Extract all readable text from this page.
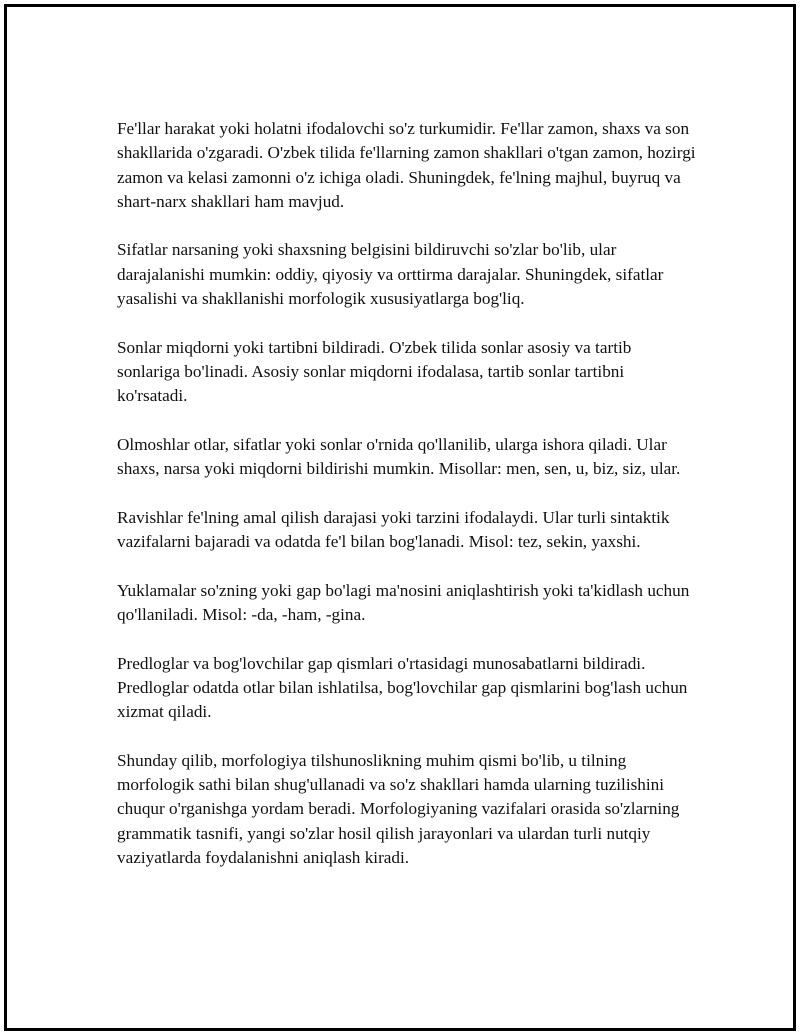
Fe'llar harakat yoki holatni ifodalovchi so'z turkumidir. Fe'llar zamon, shaxs va son shakllarida o'zgaradi. O'zbek tilida fe'llarning zamon shakllari o'tgan zamon, hozirgi zamon va kelasi zamonni o'z ichiga oladi. Shuningdek, fe'lning majhul, buyruq va shart-narx shakllari ham mavjud.

Sifatlar narsaning yoki shaxsning belgisini bildiruvchi so'zlar bo'lib, ular darajalanishi mumkin: oddiy, qiyosiy va orttirma darajalar. Shuningdek, sifatlar yasalishi va shakllanishi morfologik xususiyatlarga bog'liq.

Sonlar miqdorni yoki tartibni bildiradi. O'zbek tilida sonlar asosiy va tartib sonlariga bo'linadi. Asosiy sonlar miqdorni ifodalasa, tartib sonlar tartibni ko'rsatadi.

Olmoshlar otlar, sifatlar yoki sonlar o'rnida qo'llanilib, ularga ishora qiladi. Ular shaxs, narsa yoki miqdorni bildirishi mumkin. Misollar: men, sen, u, biz, siz, ular.

Ravishlar fe'lning amal qilish darajasi yoki tarzini ifodalaydi. Ular turli sintaktik vazifalarni bajaradi va odatda fe'l bilan bog'lanadi. Misol: tez, sekin, yaxshi.

Yuklamalar so'zning yoki gap bo'lagi ma'nosini aniqlashtirish yoki ta'kidlash uchun qo'llaniladi. Misol: -da, -ham, -gina.

Predloglar va bog'lovchilar gap qismlari o'rtasidagi munosabatlarni bildiradi. Predloglar odatda otlar bilan ishlatilsa, bog'lovchilar gap qismlarini bog'lash uchun xizmat qiladi.

Shunday qilib, morfologiya tilshunoslikning muhim qismi bo'lib, u tilning morfologik sathi bilan shug'ullanadi va so'z shakllari hamda ularning tuzilishini chuqur o'rganishga yordam beradi. Morfologiyaning vazifalari orasida so'zlarning grammatik tasnifi, yangi so'zlar hosil qilish jarayonlari va ulardan turli nutqiy vaziyatlarda foydalanishni aniqlash kiradi.
